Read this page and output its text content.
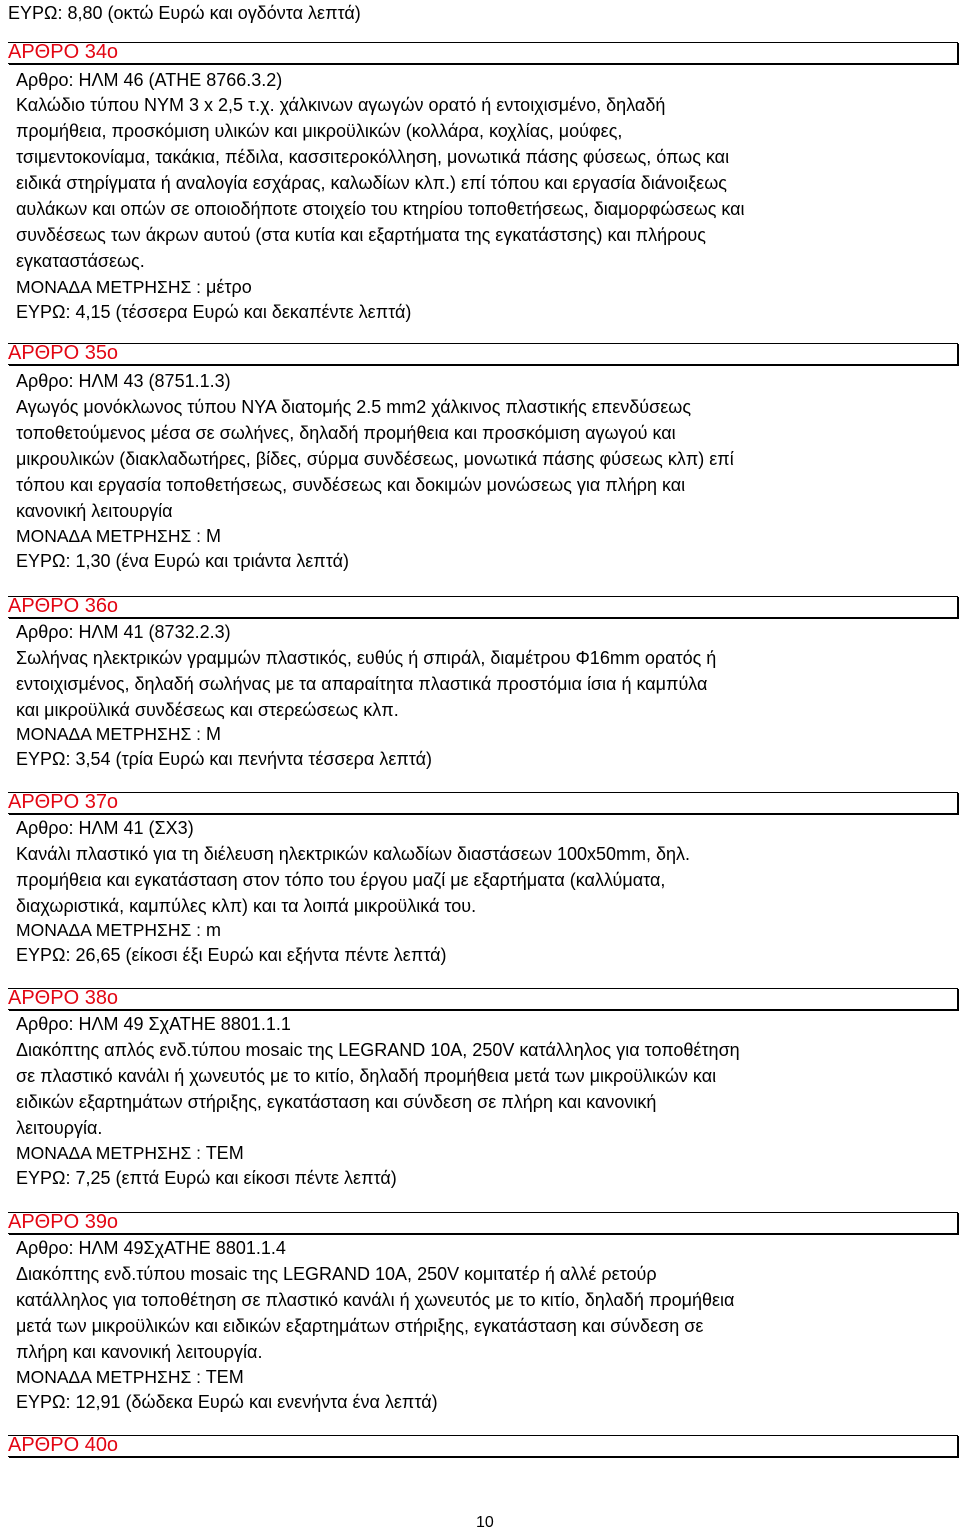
ΕΥΡΩ: 8,80 (οκτώ Ευρώ και ογδόντα λεπτά)
ΑΡΘΡΟ 34ο
Αρθρο: ΗΛΜ 46 (ΑΤΗΕ 8766.3.2)
Καλώδιο τύπου ΝΥΜ 3 x 2,5 τ.χ. χάλκινων αγωγών ορατό ή εντοιχισμένο, δηλαδή
προμήθεια, προσκόμιση υλικών και μικροϋλικών (κολλάρα, κοχλίας, μούφες,
τσιμεντοκονίαμα, τακάκια, πέδιλα, κασσιτεροκόλληση, μονωτικά πάσης φύσεως, όπως και
ειδικά στηρίγματα ή αναλογία εσχάρας, καλωδίων κλπ.) επί τόπου και εργασία διάνοιξεως
αυλάκων και οπών σε οποιοδήποτε στοιχείο του κτηρίου τοποθετήσεως, διαμορφώσεως και
συνδέσεως των άκρων αυτού (στα κυτία και εξαρτήματα της εγκατάστσης) και πλήρους
εγκαταστάσεως.
ΜΟΝΑΔΑ ΜΕΤΡΗΣΗΣ : μέτρο
ΕΥΡΩ: 4,15 (τέσσερα Ευρώ και δεκαπέντε λεπτά)
ΑΡΘΡΟ 35ο
Αρθρο: ΗΛΜ 43 (8751.1.3)
Αγωγός μονόκλωνος τύπου ΝΥΑ διατομής 2.5 mm2 χάλκινος πλαστικής επενδύσεως
τοποθετούμενος μέσα σε σωλήνες, δηλαδή προμήθεια και προσκόμιση αγωγού και
μικρουλικών (διακλαδωτήρες, βίδες, σύρμα συνδέσεως, μονωτικά πάσης φύσεως κλπ) επί
τόπου και εργασία τοποθετήσεως, συνδέσεως και δοκιμών μονώσεως για πλήρη και
κανονική λειτουργία
ΜΟΝΑΔΑ ΜΕΤΡΗΣΗΣ : Μ
ΕΥΡΩ: 1,30 (ένα Ευρώ και τριάντα λεπτά)
ΑΡΘΡΟ 36ο
Αρθρο: ΗΛΜ 41 (8732.2.3)
Σωλήνας ηλεκτρικών γραμμών πλαστικός, ευθύς ή σπιράλ, διαμέτρου Φ16mm ορατός ή
εντοιχισμένος, δηλαδή σωλήνας με τα απαραίτητα πλαστικά προστόμια ίσια ή καμπύλα
και μικροϋλικά συνδέσεως και στερεώσεως κλπ.
ΜΟΝΑΔΑ ΜΕΤΡΗΣΗΣ : Μ
ΕΥΡΩ: 3,54 (τρία Ευρώ και πενήντα τέσσερα λεπτά)
ΑΡΘΡΟ 37ο
Αρθρο: ΗΛΜ 41 (ΣΧ3)
Κανάλι πλαστικό για τη διέλευση ηλεκτρικών καλωδίων διαστάσεων 100x50mm, δηλ.
προμήθεια και εγκατάσταση στον τόπο του έργου μαζί με εξαρτήματα (καλλύματα,
διαχωριστικά, καμπύλες κλπ) και τα λοιπά μικροϋλικά του.
ΜΟΝΑΔΑ ΜΕΤΡΗΣΗΣ : m
ΕΥΡΩ: 26,65 (είκοσι έξι Ευρώ και εξήντα πέντε λεπτά)
ΑΡΘΡΟ 38ο
Αρθρο: ΗΛΜ 49 ΣχΑΤΗΕ 8801.1.1
Διακόπτης απλός ενδ.τύπου mosaic της LEGRAND 10A, 250V κατάλληλος για τοποθέτηση
σε πλαστικό κανάλι ή χωνευτός με το κιτίο, δηλαδή προμήθεια μετά των μικροϋλικών και
ειδικών εξαρτημάτων στήριξης, εγκατάσταση και σύνδεση σε πλήρη και κανονική
λειτουργία.
ΜΟΝΑΔΑ ΜΕΤΡΗΣΗΣ : ΤΕΜ
ΕΥΡΩ: 7,25 (επτά Ευρώ και είκοσι πέντε λεπτά)
ΑΡΘΡΟ 39ο
Αρθρο: ΗΛΜ 49ΣχΑΤΗΕ 8801.1.4
Διακόπτης ενδ.τύπου mosaic της LEGRAND 10A, 250V κομιτατέρ ή αλλέ ρετούρ
κατάλληλος για τοποθέτηση σε πλαστικό κανάλι ή χωνευτός με το κιτίο, δηλαδή προμήθεια
μετά των μικροϋλικών και ειδικών εξαρτημάτων στήριξης, εγκατάσταση και σύνδεση σε
πλήρη και κανονική λειτουργία.
ΜΟΝΑΔΑ ΜΕΤΡΗΣΗΣ : ΤΕΜ
ΕΥΡΩ: 12,91 (δώδεκα Ευρώ και ενενήντα ένα λεπτά)
ΑΡΘΡΟ 40ο
10
